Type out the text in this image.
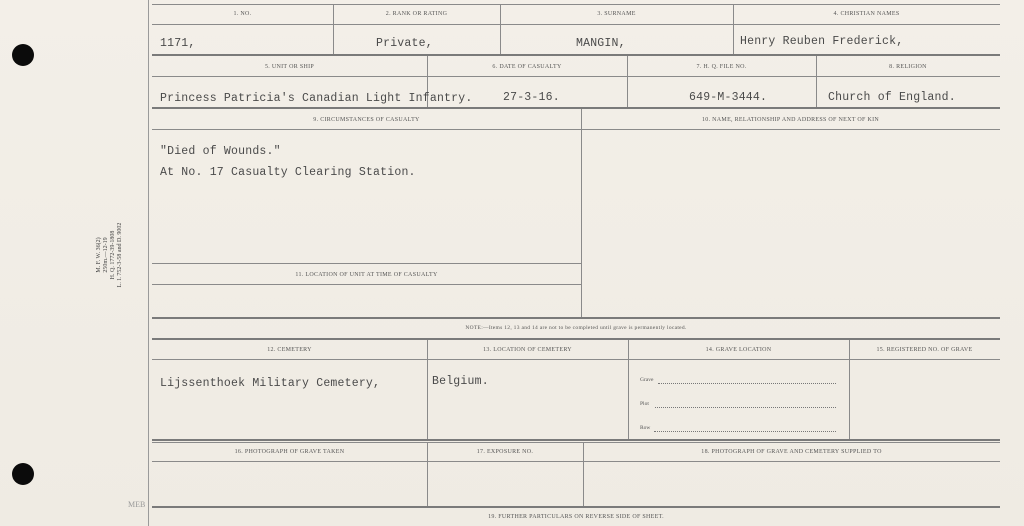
M. F. W. 36(2) 250m.—12-19 H. Q. 1772-39-1808 L. I. 752-3-58 and D. 9002
MEB
1. NO.	2. RANK OR RATING	3. SURNAME	4. CHRISTIAN NAMES
1171,	Private,	MANGIN,	Henry Reuben Frederick,
5. UNIT OR SHIP	6. DATE OF CASUALTY	7. H. Q. FILE NO.	8. RELIGION
Princess Patricia's Canadian Light Infantry.	27-3-16.	649-M-3444.	Church of England.
9. CIRCUMSTANCES OF CASUALTY	10. NAME, RELATIONSHIP AND ADDRESS OF NEXT OF KIN
"Died of Wounds."
At No. 17 Casualty Clearing Station.
11. LOCATION OF UNIT AT TIME OF CASUALTY
NOTE:—Items 12, 13 and 14 are not to be completed until grave is permanently located.
12. CEMETERY	13. LOCATION OF CEMETERY	14. GRAVE LOCATION	15. REGISTERED NO. OF GRAVE
Lijssenthoek Military Cemetery,	Belgium.	Grave
Plot
Row
16. PHOTOGRAPH OF GRAVE TAKEN	17. EXPOSURE NO.	18. PHOTOGRAPH OF GRAVE AND CEMETERY SUPPLIED TO
19. FURTHER PARTICULARS ON REVERSE SIDE OF SHEET.
